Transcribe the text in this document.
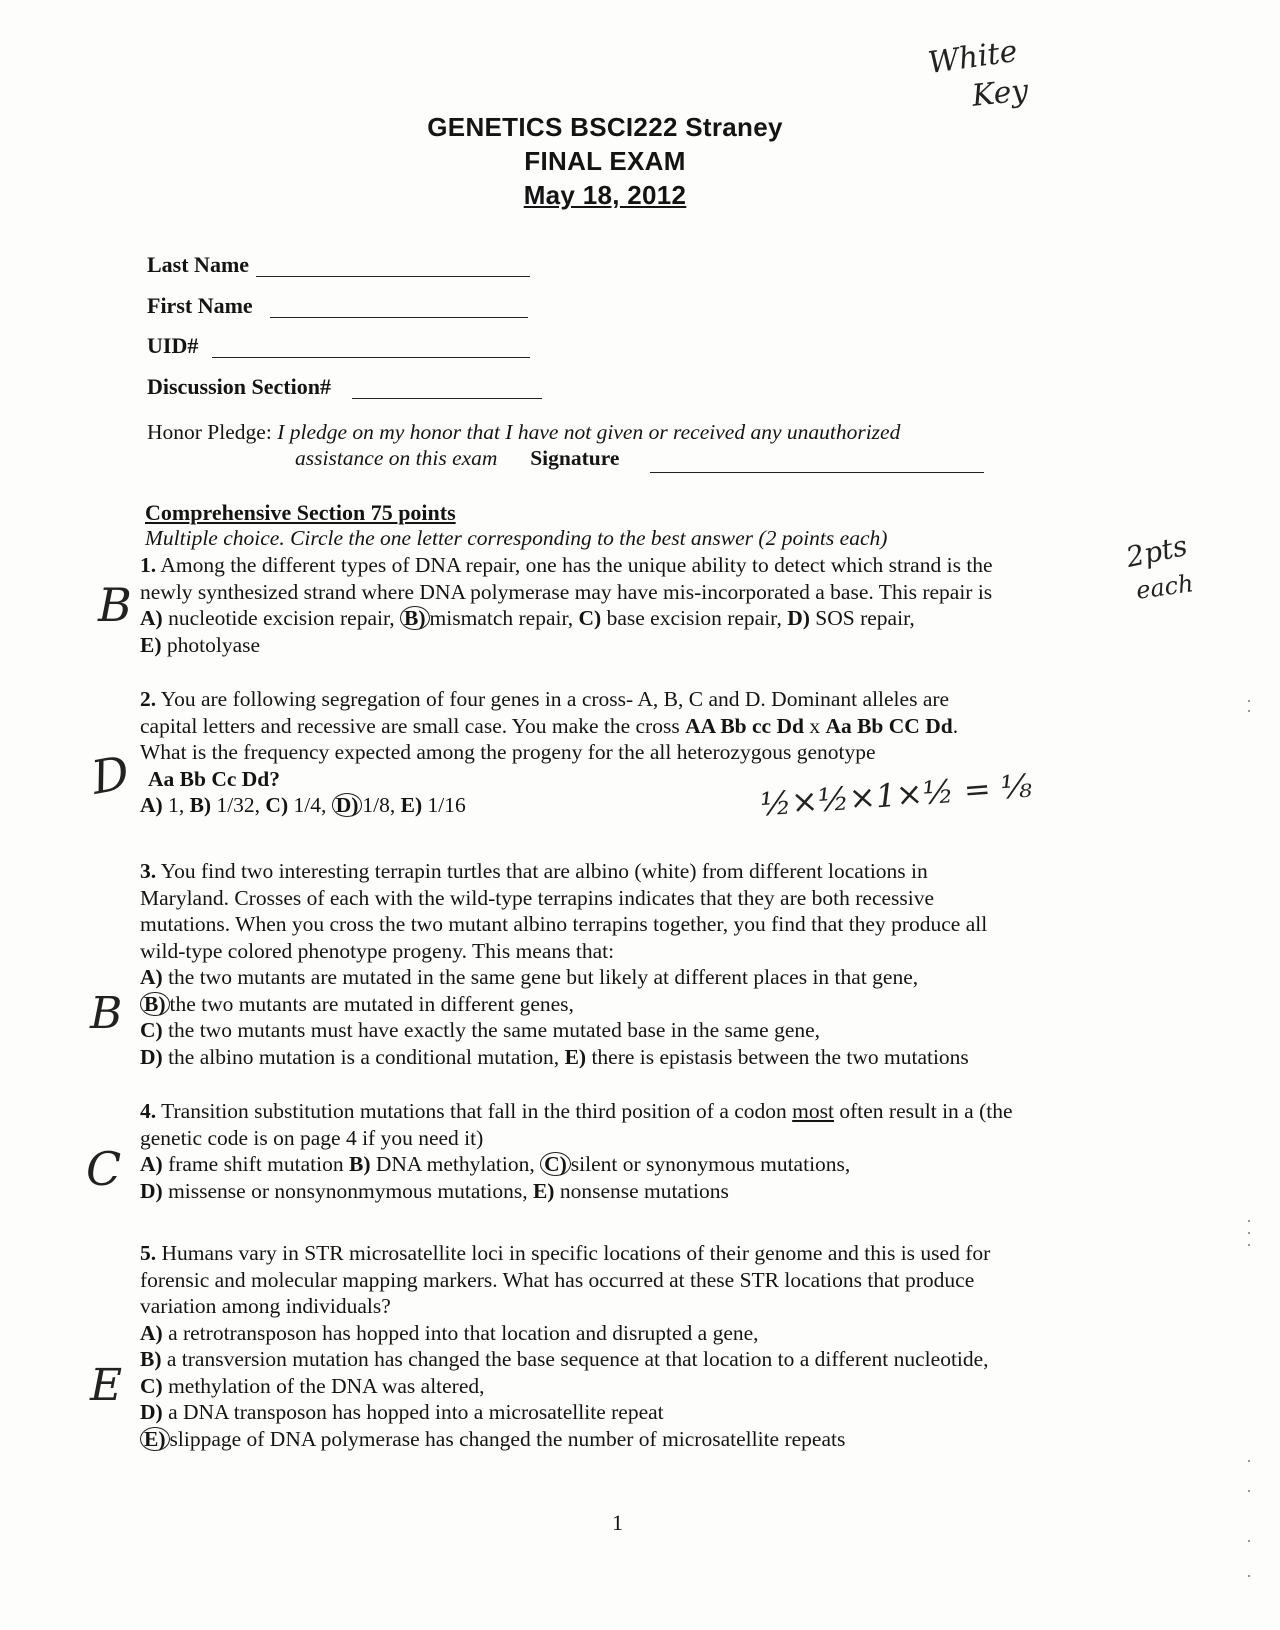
White
Key
GENETICS BSCI222 Straney
FINAL EXAM
May 18, 2012
Last Name
First Name
UID#
Discussion Section#
Honor Pledge: I pledge on my honor that I have not given or received any unauthorized
assistance on this exam Signature
Comprehensive Section 75 points
Multiple choice. Circle the one letter corresponding to the best answer (2 points each)	2pts
each
B

1. Among the different types of DNA repair, one has the unique ability to detect which strand is the

newly synthesized strand where DNA polymerase may have mis-incorporated a base. This repair is

A) nucleotide excision repair, B) mismatch repair, C) base excision repair, D) SOS repair,

E) photolyase

D

2. You are following segregation of four genes in a cross- A, B, C and D. Dominant alleles are

capital letters and recessive are small case. You make the cross AA Bb cc Dd x Aa Bb CC Dd.

What is the frequency expected among the progeny for the all heterozygous genotype

Aa Bb Cc Dd?

A) 1, B) 1/32, C) 1/4, D) 1/8, E) 1/16	½×½×1×½ = ⅛
B

3. You find two interesting terrapin turtles that are albino (white) from different locations in

Maryland. Crosses of each with the wild-type terrapins indicates that they are both recessive

mutations. When you cross the two mutant albino terrapins together, you find that they produce all

wild-type colored phenotype progeny. This means that:

A) the two mutants are mutated in the same gene but likely at different places in that gene,

B) the two mutants are mutated in different genes,

C) the two mutants must have exactly the same mutated base in the same gene,

D) the albino mutation is a conditional mutation, E) there is epistasis between the two mutations

C

4. Transition substitution mutations that fall in the third position of a codon most often result in a (the

genetic code is on page 4 if you need it)

A) frame shift mutation B) DNA methylation, C) silent or synonymous mutations,

D) missense or nonsynonmymous mutations, E) nonsense mutations

E

5. Humans vary in STR microsatellite loci in specific locations of their genome and this is used for

forensic and molecular mapping markers. What has occurred at these STR locations that produce

variation among individuals?

A) a retrotransposon has hopped into that location and disrupted a gene,

B) a transversion mutation has changed the base sequence at that location to a different nucleotide,

C) methylation of the DNA was altered,

D) a DNA transposon has hopped into a microsatellite repeat

E) slippage of DNA polymerase has changed the number of microsatellite repeats

1
